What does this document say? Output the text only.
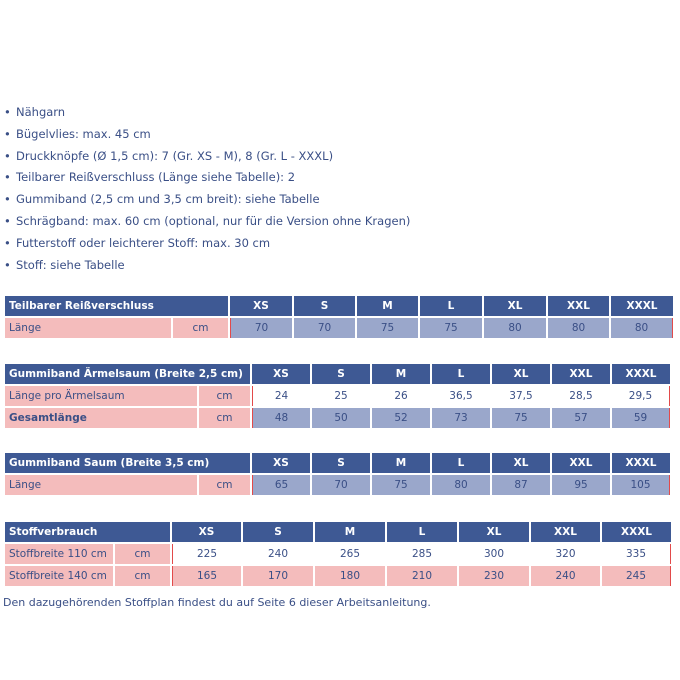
• Nähgarn
• Bügelvlies: max. 45 cm
• Druckknöpfe (Ø 1,5 cm): 7 (Gr. XS - M), 8 (Gr. L - XXXL)
• Teilbarer Reißverschluss (Länge siehe Tabelle): 2
• Gummiband (2,5 cm und 3,5 cm breit): siehe Tabelle
• Schrägband: max. 60 cm (optional, nur für die Version ohne Kragen)
• Futterstoff oder leichterer Stoff: max. 30 cm
• Stoff: siehe Tabelle
Teilbarer Reißverschluss		XS	S	M	L	XL	XXL	XXXL

Länge	cm	70	70	75	75	80	80	80
Gummiband Ärmelsaum (Breite 2,5 cm)		XS	S	M	L	XL	XXL	XXXL

Länge pro Ärmelsaum	cm	24	25	26	36,5	37,5	28,5	29,5

Gesamtlänge	cm	48	50	52	73	75	57	59
Gummiband Saum (Breite 3,5 cm)		XS	S	M	L	XL	XXL	XXXL

Länge	cm	65	70	75	80	87	95	105
Stoffverbrauch		XS	S	M	L	XL	XXL	XXXL

Stoffbreite 110 cm	cm	225	240	265	285	300	320	335

Stoffbreite 140 cm	cm	165	170	180	210	230	240	245
Den dazugehörenden Stoffplan findest du auf Seite 6 dieser Arbeitsanleitung.
